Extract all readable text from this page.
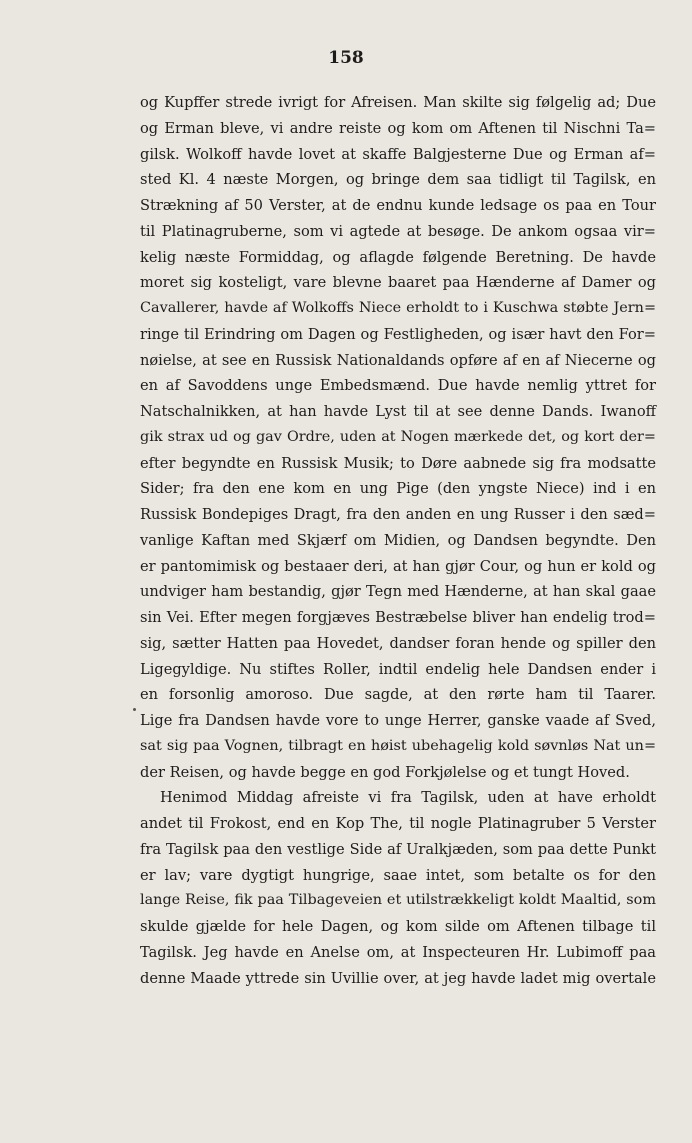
158
og Kupffer strede ivrigt for Afreisen. Man skilte sig følgelig ad; Due
og Erman bleve, vi andre reiste og kom om Aftenen til Nischni Ta=
gilsk. Wolkoff havde lovet at skaffe Balgjesterne Due og Erman af=
sted Kl. 4 næste Morgen, og bringe dem saa tidligt til Tagilsk, en
Strækning af 50 Verster, at de endnu kunde ledsage os paa en Tour
til Platinagruberne, som vi agtede at besøge. De ankom ogsaa vir=
kelig næste Formiddag, og aflagde følgende Beretning. De havde
moret sig kosteligt, vare blevne baaret paa Hænderne af Damer og
Cavallerer, havde af Wolkoffs Niece erholdt to i Kuschwa støbte Jern=
ringe til Erindring om Dagen og Festligheden, og især havt den For=
nøielse, at see en Russisk Nationaldands opføre af en af Niecerne og
en af Savoddens unge Embedsmænd. Due havde nemlig yttret for
Natschalnikken, at han havde Lyst til at see denne Dands. Iwanoff
gik strax ud og gav Ordre, uden at Nogen mærkede det, og kort der=
efter begyndte en Russisk Musik; to Døre aabnede sig fra modsatte
Sider; fra den ene kom en ung Pige (den yngste Niece) ind i en
Russisk Bondepiges Dragt, fra den anden en ung Russer i den sæd=
vanlige Kaftan med Skjærf om Midien, og Dandsen begyndte. Den
er pantomimisk og bestaaer deri, at han gjør Cour, og hun er kold og
undviger ham bestandig, gjør Tegn med Hænderne, at han skal gaae
sin Vei. Efter megen forgjæves Bestræbelse bliver han endelig trod=
sig, sætter Hatten paa Hovedet, dandser foran hende og spiller den
Ligegyldige. Nu stiftes Roller, indtil endelig hele Dandsen ender i
en forsonlig amoroso. Due sagde, at den rørte ham til Taarer.
Lige fra Dandsen havde vore to unge Herrer, ganske vaade af Sved,
sat sig paa Vognen, tilbragt en høist ubehagelig kold søvnløs Nat un=
der Reisen, og havde begge en god Forkjølelse og et tungt Hoved.
Henimod Middag afreiste vi fra Tagilsk, uden at have erholdt
andet til Frokost, end en Kop The, til nogle Platinagruber 5 Verster
fra Tagilsk paa den vestlige Side af Uralkjæden, som paa dette Punkt
er lav; vare dygtigt hungrige, saae intet, som betalte os for den
lange Reise, fik paa Tilbageveien et utilstrækkeligt koldt Maaltid, som
skulde gjælde for hele Dagen, og kom silde om Aftenen tilbage til
Tagilsk. Jeg havde en Anelse om, at Inspecteuren Hr. Lubimoff paa
denne Maade yttrede sin Uvillie over, at jeg havde ladet mig overtale
